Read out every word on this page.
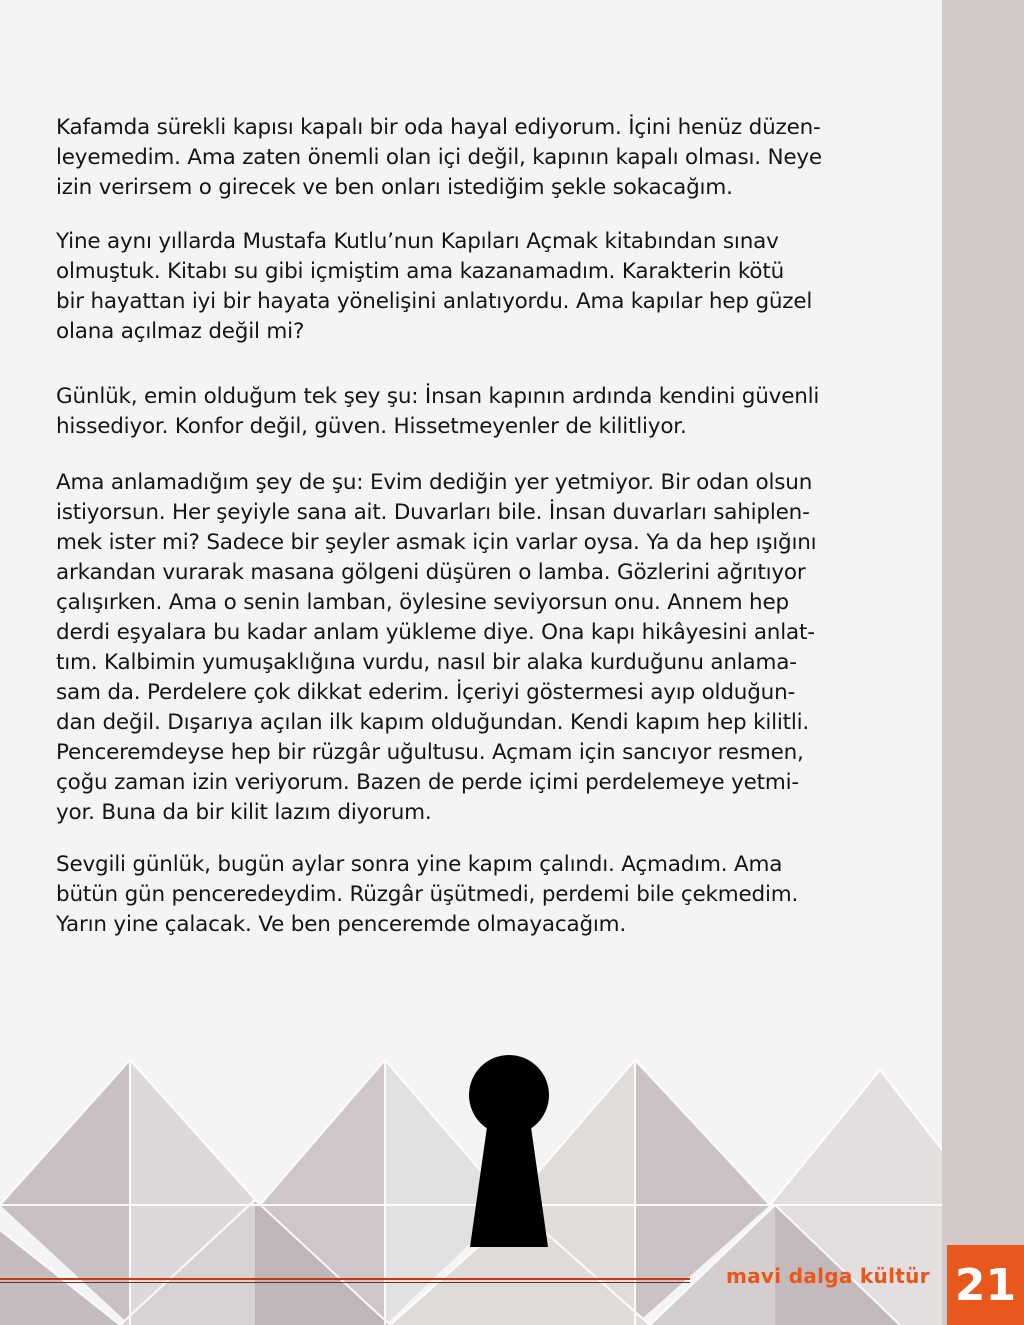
Kafamda sürekli kapısı kapalı bir oda hayal ediyorum. İçini henüz düzen-
leyemedim. Ama zaten önemli olan içi değil, kapının kapalı olması. Neye
izin verirsem o girecek ve ben onları istediğim şekle sokacağım.

Yine aynı yıllarda Mustafa Kutlu’nun Kapıları Açmak kitabından sınav
olmuştuk. Kitabı su gibi içmiştim ama kazanamadım. Karakterin kötü
bir hayattan iyi bir hayata yönelişini anlatıyordu. Ama kapılar hep güzel
olana açılmaz değil mi?

Günlük, emin olduğum tek şey şu: İnsan kapının ardında kendini güvenli
hissediyor. Konfor değil, güven. Hissetmeyenler de kilitliyor.

Ama anlamadığım şey de şu: Evim dediğin yer yetmiyor. Bir odan olsun
istiyorsun. Her şeyiyle sana ait. Duvarları bile. İnsan duvarları sahiplen-
mek ister mi? Sadece bir şeyler asmak için varlar oysa. Ya da hep ışığını
arkandan vurarak masana gölgeni düşüren o lamba. Gözlerini ağrıtıyor
çalışırken. Ama o senin lamban, öylesine seviyorsun onu. Annem hep
derdi eşyalara bu kadar anlam yükleme diye. Ona kapı hikâyesini anlat-
tım. Kalbimin yumuşaklığına vurdu, nasıl bir alaka kurduğunu anlama-
sam da. Perdelere çok dikkat ederim. İçeriyi göstermesi ayıp olduğun-
dan değil. Dışarıya açılan ilk kapım olduğundan. Kendi kapım hep kilitli.
Penceremdeyse hep bir rüzgâr uğultusu. Açmam için sancıyor resmen,
çoğu zaman izin veriyorum. Bazen de perde içimi perdelemeye yetmi-
yor. Buna da bir kilit lazım diyorum.

Sevgili günlük, bugün aylar sonra yine kapım çalındı. Açmadım. Ama
bütün gün penceredeydim. Rüzgâr üşütmedi, perdemi bile çekmedim.
Yarın yine çalacak. Ve ben penceremde olmayacağım.

mavi dalga kültür 21
